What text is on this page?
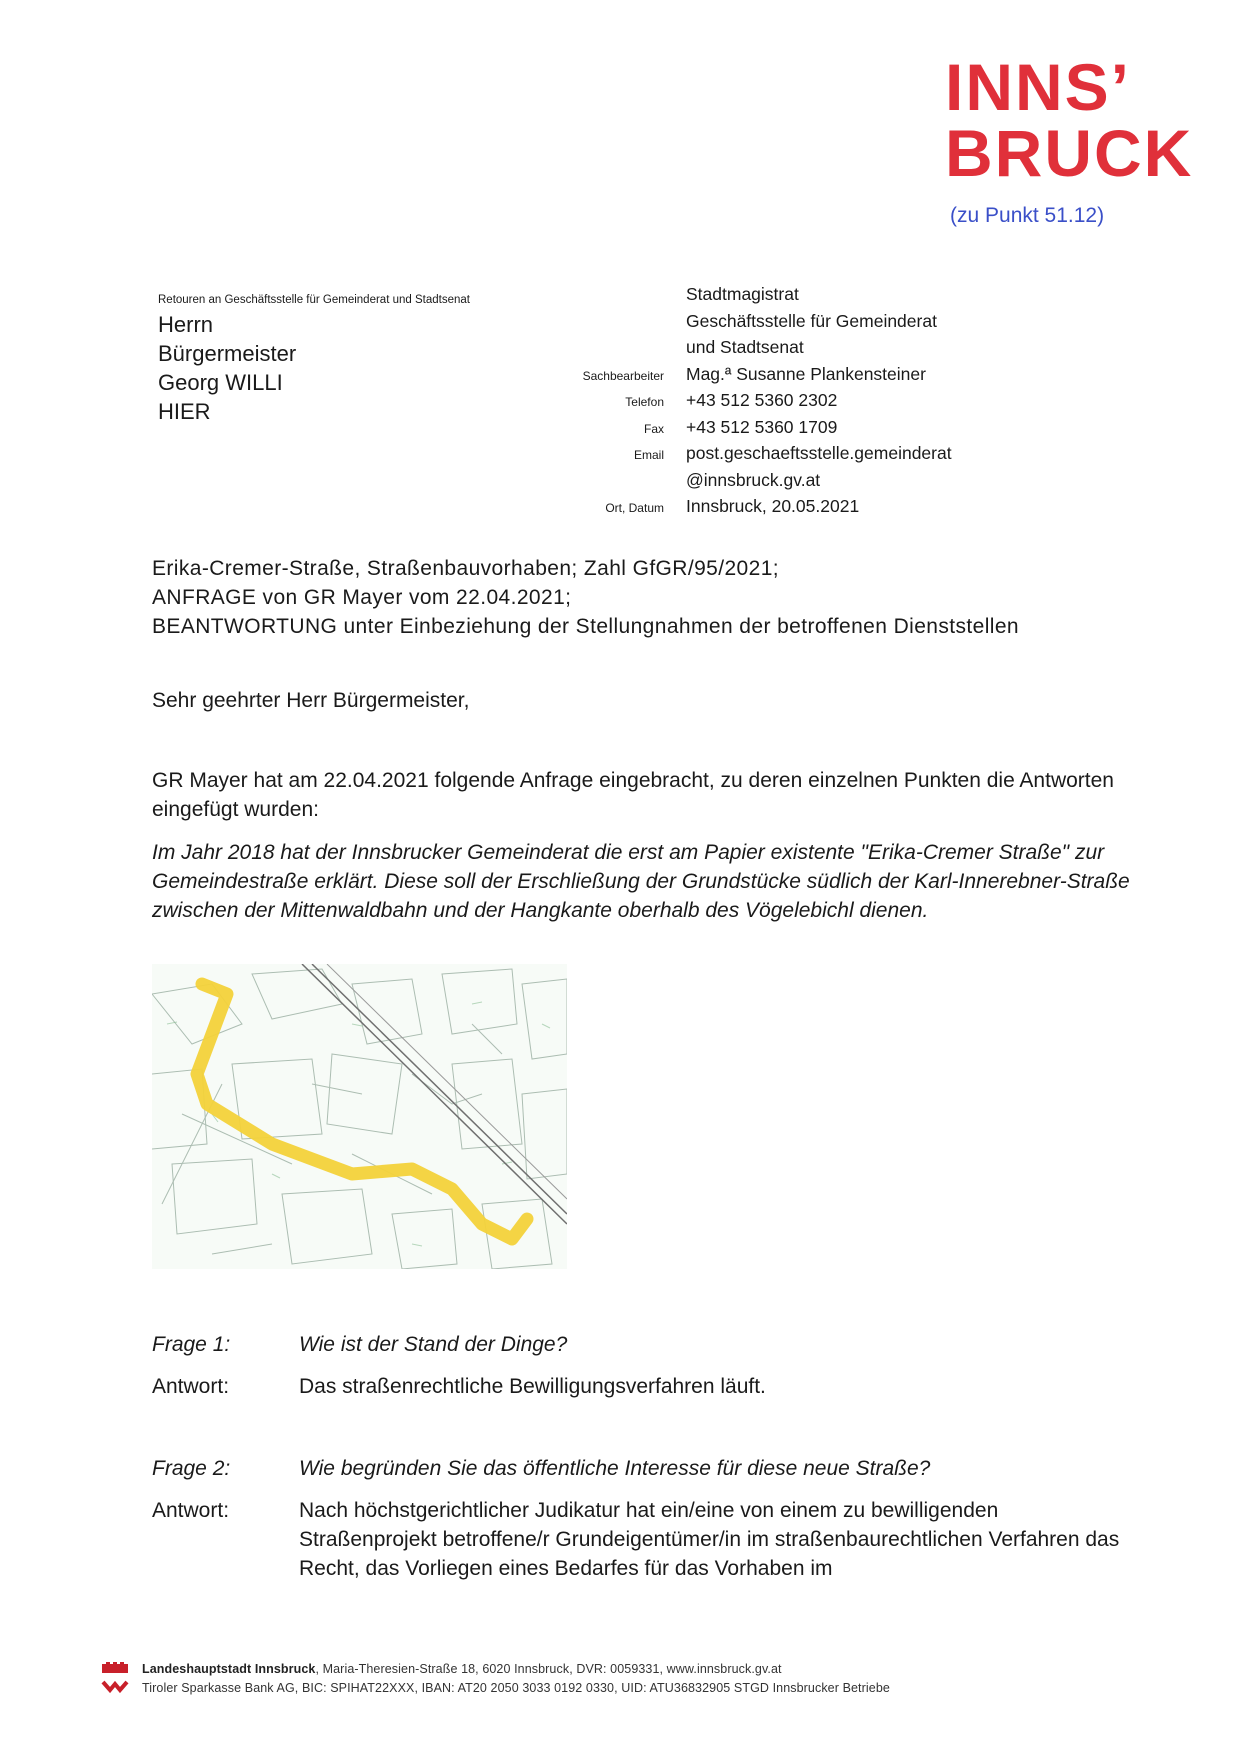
INNS’
BRUCK
(zu Punkt 51.12)
Retouren an Geschäftsstelle für Gemeinderat und Stadtsenat
Herrn
Bürgermeister
Georg WILLI
HIER
Stadtmagistrat
Geschäftsstelle für Gemeinderat
und Stadtsenat
Sachbearbeiter	Mag.ª Susanne Plankensteiner
Telefon	+43 512 5360 2302
Fax	+43 512 5360 1709
Email	post.geschaeftsstelle.gemeinderat
@innsbruck.gv.at
Ort, Datum	Innsbruck, 20.05.2021
Erika-Cremer-Straße, Straßenbauvorhaben; Zahl GfGR/95/2021;
ANFRAGE von GR Mayer vom 22.04.2021;
BEANTWORTUNG unter Einbeziehung der Stellungnahmen der betroffenen Dienststellen
Sehr geehrter Herr Bürgermeister,
GR Mayer hat am 22.04.2021 folgende Anfrage eingebracht, zu deren einzelnen Punkten die Antworten eingefügt wurden:
Im Jahr 2018 hat der Innsbrucker Gemeinderat die erst am Papier existente "Erika-Cremer Straße" zur Gemeindestraße erklärt. Diese soll der Erschließung der Grundstücke südlich der Karl-Innerebner-Straße zwischen der Mittenwaldbahn und der Hangkante oberhalb des Vögelebichl dienen.
Frage 1:	Wie ist der Stand der Dinge?
Antwort:	Das straßenrechtliche Bewilligungsverfahren läuft.
Frage 2:	Wie begründen Sie das öffentliche Interesse für diese neue Straße?
Antwort:	Nach höchstgerichtlicher Judikatur hat ein/eine von einem zu bewilligenden Straßenprojekt betroffene/r Grundeigentümer/in im straßenbaurechtlichen Verfahren das Recht, das Vorliegen eines Bedarfes für das Vorhaben im
Landeshauptstadt Innsbruck, Maria-Theresien-Straße 18, 6020 Innsbruck, DVR: 0059331, www.innsbruck.gv.at
Tiroler Sparkasse Bank AG, BIC: SPIHAT22XXX, IBAN: AT20 2050 3033 0192 0330, UID: ATU36832905 STGD Innsbrucker Betriebe
